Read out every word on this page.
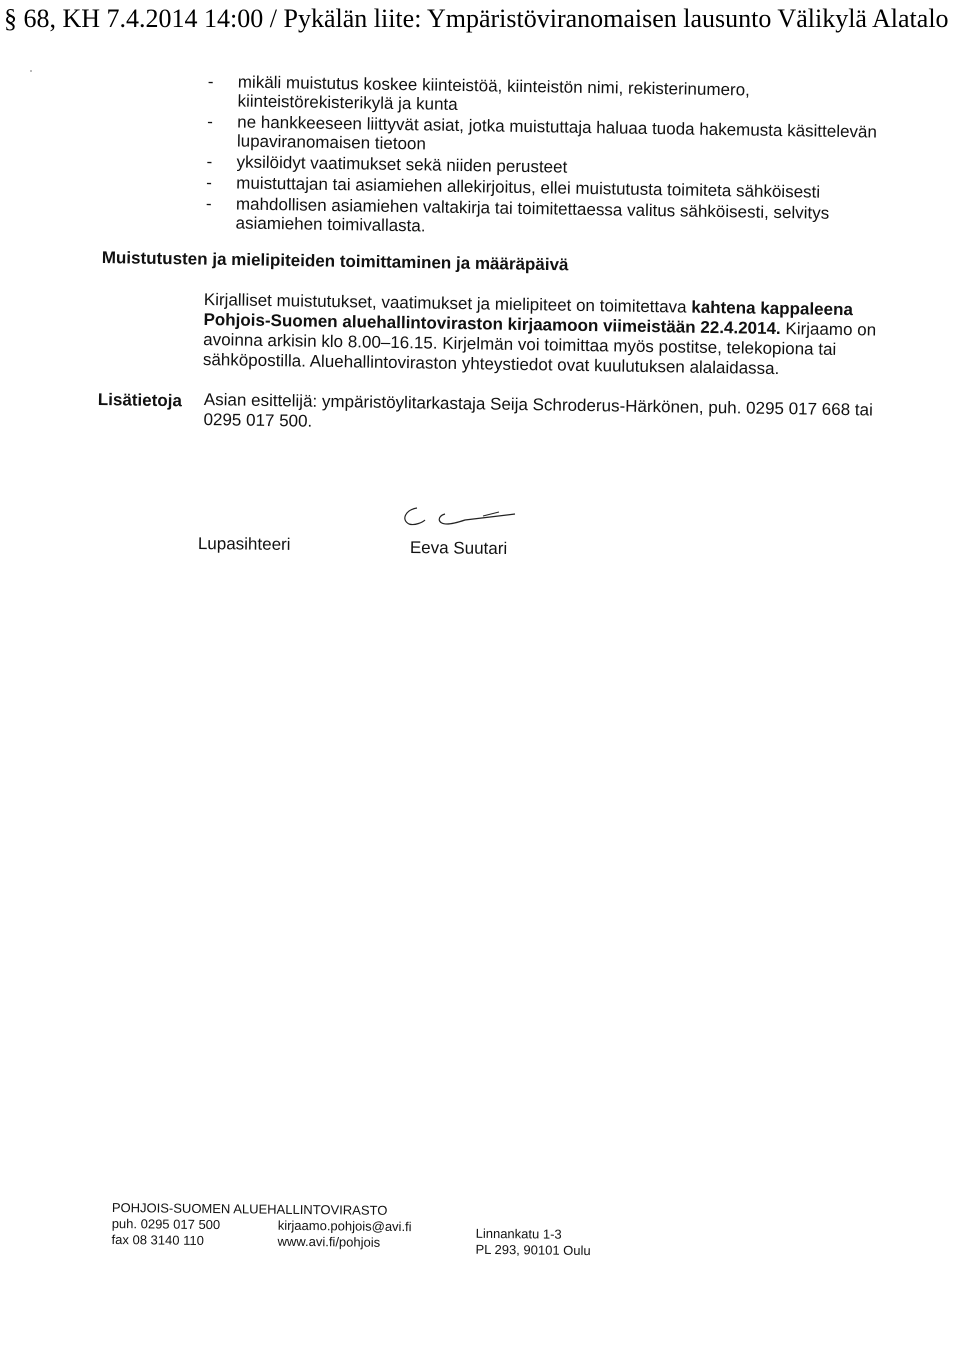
§ 68, KH 7.4.2014 14:00 / Pykälän liite: Ympäristöviranomaisen lausunto Välikylä Alatalo
- mikäli muistutus koskee kiinteistöä, kiinteistön nimi, rekisterinumero, kiinteistörekisterikylä ja kunta
- ne hankkeeseen liittyvät asiat, jotka muistuttaja haluaa tuoda hakemusta käsittelevän lupaviranomaisen tietoon
- yksilöidyt vaatimukset sekä niiden perusteet
- muistuttajan tai asiamiehen allekirjoitus, ellei muistutusta toimiteta sähköisesti
- mahdollisen asiamiehen valtakirja tai toimitettaessa valitus sähköisesti, selvitys asiamiehen toimivallasta.
Muistutusten ja mielipiteiden toimittaminen ja määräpäivä
Kirjalliset muistutukset, vaatimukset ja mielipiteet on toimitettava kahtena kappaleena Pohjois-Suomen aluehallintoviraston kirjaamoon viimeistään 22.4.2014. Kirjaamo on avoinna arkisin klo 8.00–16.15. Kirjelmän voi toimittaa myös postitse, telekopiona tai sähköpostilla. Aluehallintoviraston yhteystiedot ovat kuulutuksen alalaidassa.
Lisätietoja Asian esittelijä: ympäristöylitarkastaja Seija Schroderus-Härkönen, puh. 0295 017 668 tai 0295 017 500.
Lupasihteeri	Eeva Suutari
POHJOIS-SUOMEN ALUEHALLINTOVIRASTO
puh. 0295 017 500	kirjaamo.pohjois@avi.fi	Linnankatu 1-3
fax 08 3140 110	www.avi.fi/pohjois
PL 293, 90101 Oulu
